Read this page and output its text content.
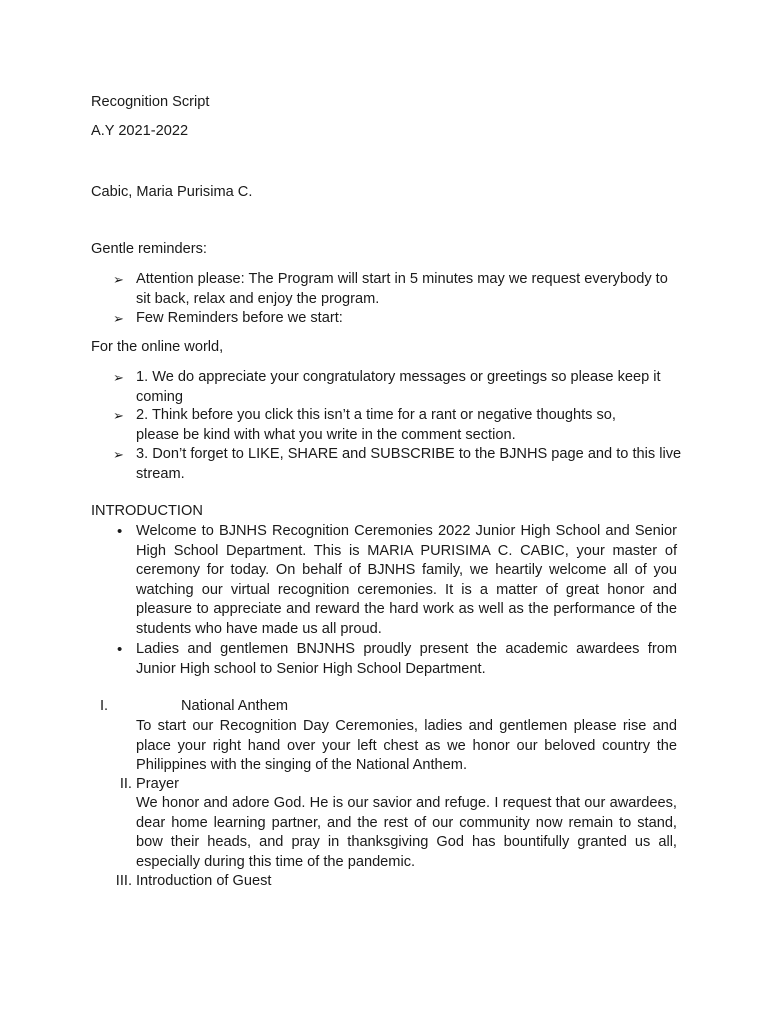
Recognition Script

A.Y 2021-2022

Cabic, Maria Purisima C.

Gentle reminders:

➢ Attention please: The Program will start in 5 minutes may we request everybody to sit back, relax and enjoy the program.

➢ Few Reminders before we start:

For the online world,

➢ 1. We do appreciate your congratulatory messages or greetings so please keep it coming

➢ 2. Think before you click this isn’t a time for a rant or negative thoughts so, please be kind with what you write in the comment section.

➢ 3. Don’t forget to LIKE, SHARE and SUBSCRIBE to the BJNHS page and to this live stream.

INTRODUCTION

• Welcome to BJNHS Recognition Ceremonies 2022 Junior High School and Senior High School Department. This is MARIA PURISIMA C. CABIC, your master of ceremony for today. On behalf of BJNHS family, we heartily welcome all of you watching our virtual recognition ceremonies. It is a matter of great honor and pleasure to appreciate and reward the hard work as well as the performance of the students who have made us all proud.

• Ladies and gentlemen BNJNHS proudly present the academic awardees from Junior High school to Senior High School Department.

I.	National Anthem

To start our Recognition Day Ceremonies, ladies and gentlemen please rise and place your right hand over your left chest as we honor our beloved country the Philippines with the singing of the National Anthem.

II. Prayer

We honor and adore God. He is our savior and refuge. I request that our awardees, dear home learning partner, and the rest of our community now remain to stand, bow their heads, and pray in thanksgiving God has bountifully granted us all, especially during this time of the pandemic.

III. Introduction of Guest
